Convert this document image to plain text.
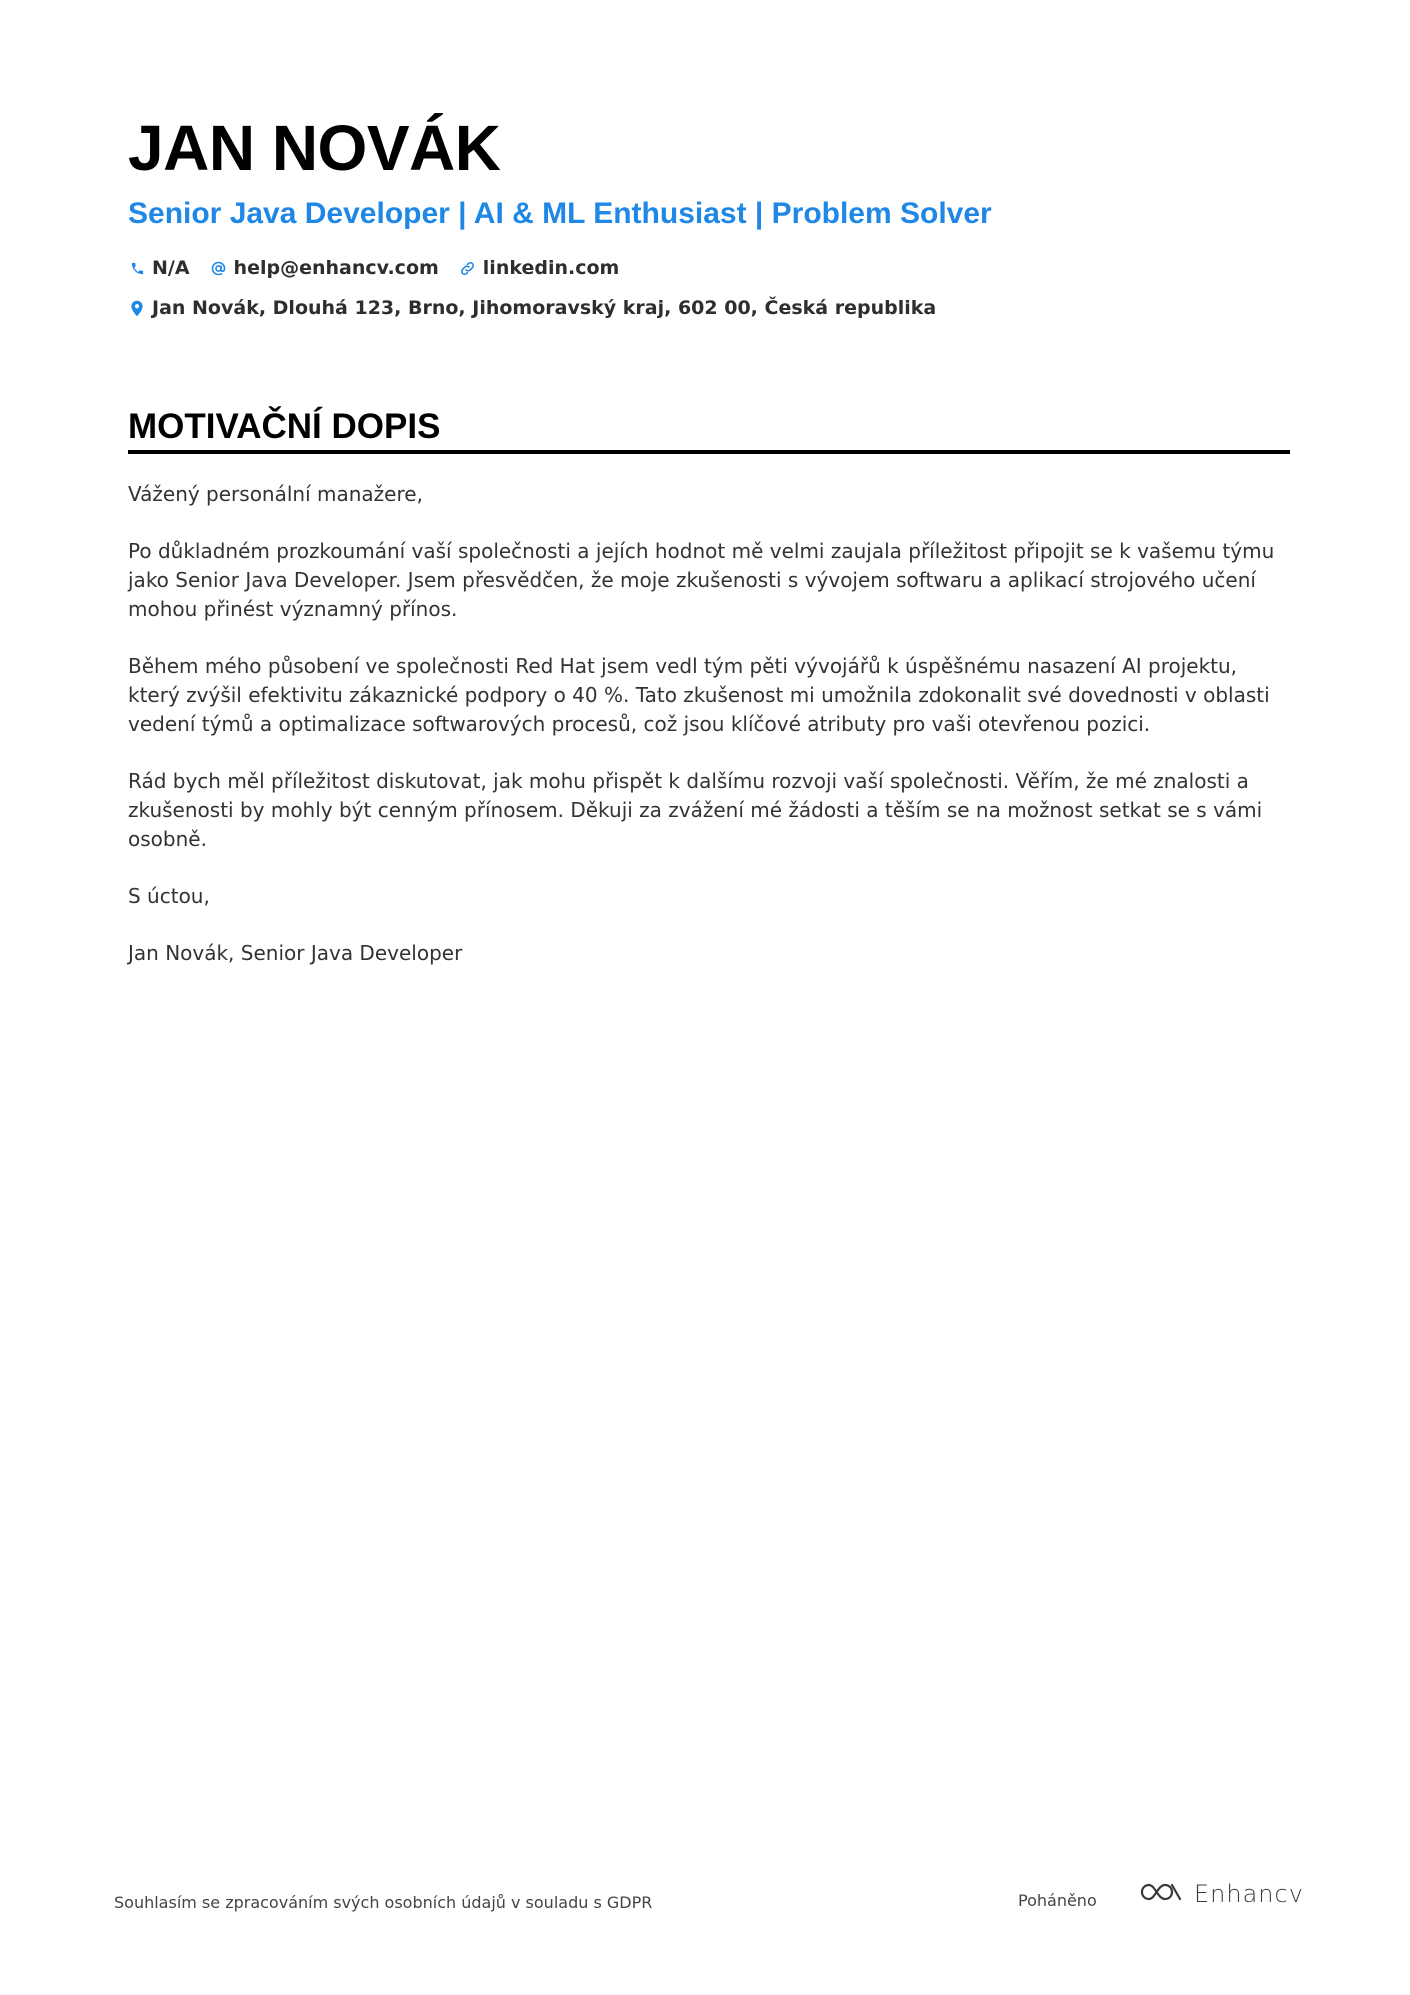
JAN NOVÁK
Senior Java Developer | AI & ML Enthusiast | Problem Solver
N/A help@enhancv.com linkedin.com
Jan Novák, Dlouhá 123, Brno, Jihomoravský kraj, 602 00, Česká republika
MOTIVAČNÍ DOPIS

Vážený personální manažere,

Po důkladném prozkoumání vaší společnosti a jejích hodnot mě velmi zaujala příležitost připojit se k vašemu týmu jako Senior Java Developer. Jsem přesvědčen, že moje zkušenosti s vývojem softwaru a aplikací strojového učení mohou přinést významný přínos.

Během mého působení ve společnosti Red Hat jsem vedl tým pěti vývojářů k úspěšnému nasazení AI projektu, který zvýšil efektivitu zákaznické podpory o 40 %. Tato zkušenost mi umožnila zdokonalit své dovednosti v oblasti vedení týmů a optimalizace softwarových procesů, což jsou klíčové atributy pro vaši otevřenou pozici.

Rád bych měl příležitost diskutovat, jak mohu přispět k dalšímu rozvoji vaší společnosti. Věřím, že mé znalosti a zkušenosti by mohly být cenným přínosem. Děkuji za zvážení mé žádosti a těším se na možnost setkat se s vámi osobně.

S úctou,

Jan Novák, Senior Java Developer

Souhlasím se zpracováním svých osobních údajů v souladu s GDPR	Poháněno	Enhancv
